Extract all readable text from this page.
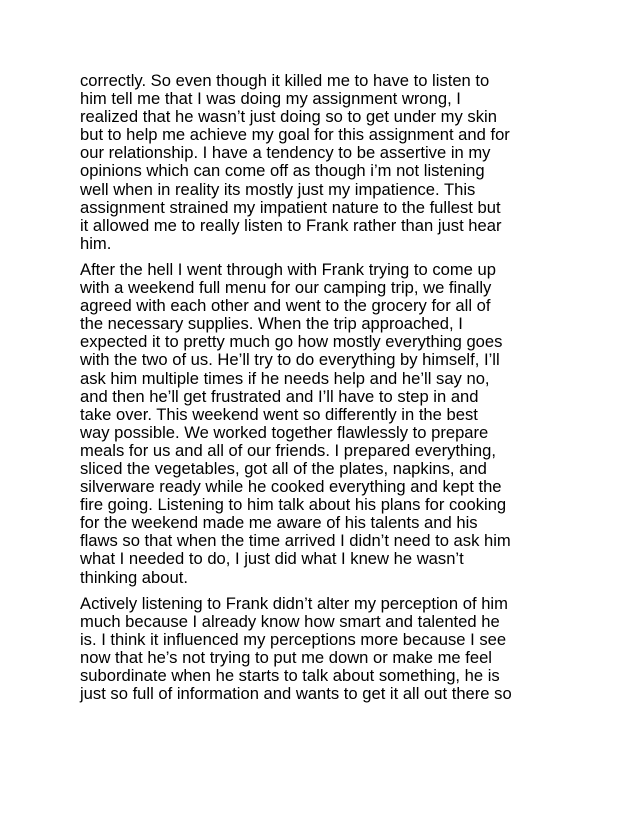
correctly. So even though it killed me to have to listen to
him tell me that I was doing my assignment wrong, I
realized that he wasn’t just doing so to get under my skin
but to help me achieve my goal for this assignment and for
our relationship. I have a tendency to be assertive in my
opinions which can come off as though i’m not listening
well when in reality its mostly just my impatience. This
assignment strained my impatient nature to the fullest but
it allowed me to really listen to Frank rather than just hear
him.

After the hell I went through with Frank trying to come up
with a weekend full menu for our camping trip, we finally
agreed with each other and went to the grocery for all of
the necessary supplies. When the trip approached, I
expected it to pretty much go how mostly everything goes
with the two of us. He’ll try to do everything by himself, I’ll
ask him multiple times if he needs help and he’ll say no,
and then he’ll get frustrated and I’ll have to step in and
take over. This weekend went so differently in the best
way possible. We worked together flawlessly to prepare
meals for us and all of our friends. I prepared everything,
sliced the vegetables, got all of the plates, napkins, and
silverware ready while he cooked everything and kept the
fire going. Listening to him talk about his plans for cooking
for the weekend made me aware of his talents and his
flaws so that when the time arrived I didn’t need to ask him
what I needed to do, I just did what I knew he wasn’t
thinking about.

Actively listening to Frank didn’t alter my perception of him
much because I already know how smart and talented he
is. I think it influenced my perceptions more because I see
now that he’s not trying to put me down or make me feel
subordinate when he starts to talk about something, he is
just so full of information and wants to get it all out there so
